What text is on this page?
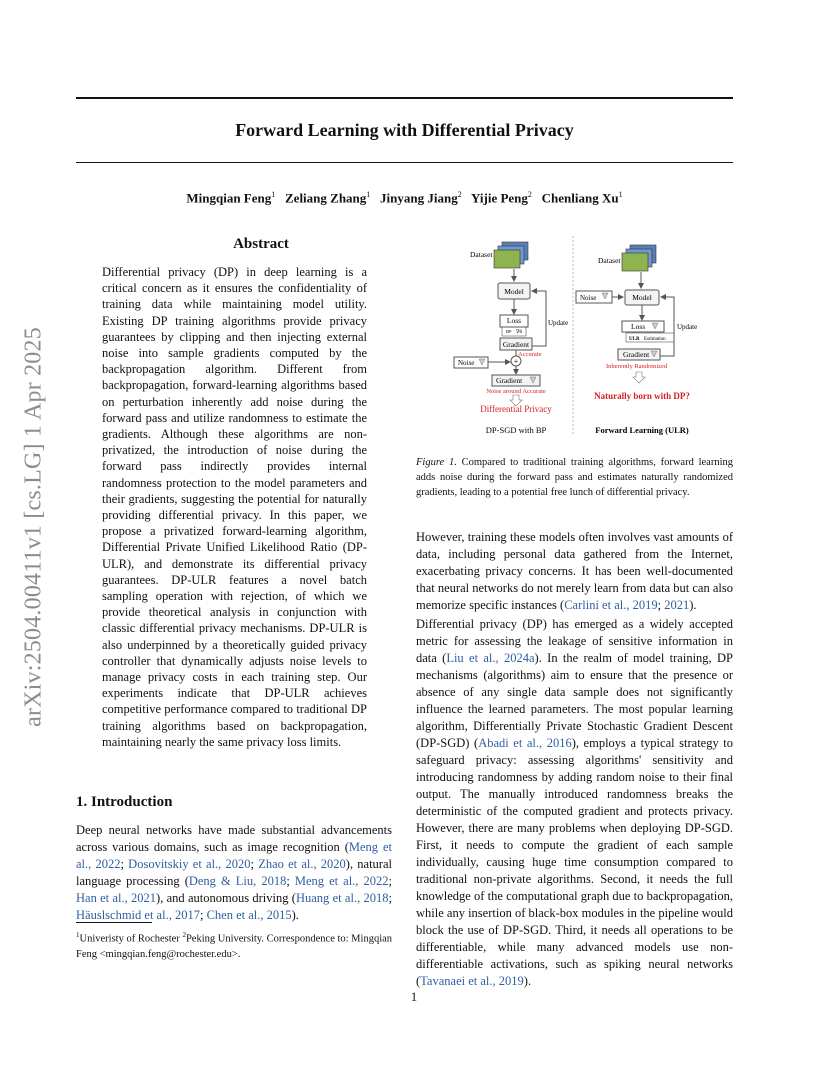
Forward Learning with Differential Privacy
Mingqian Feng$^1$ Zeliang Zhang$^1$ Jinyang Jiang$^2$ Yijie Peng$^2$ Chenliang Xu$^1$
arXiv:2504.00411v1 [cs.LG] 1 Apr 2025
Abstract
Differential privacy (DP) in deep learning is a critical concern as it ensures the confidentiality of training data while maintaining model utility. Existing DP training algorithms provide privacy guarantees by clipping and then injecting external noise into sample gradients computed by the backpropagation algorithm. Different from backpropagation, forward-learning algorithms based on perturbation inherently add noise during the forward pass and utilize randomness to estimate the gradients. Although these algorithms are non-privatized, the introduction of noise during the forward pass indirectly provides internal randomness protection to the model parameters and their gradients, suggesting the potential for naturally providing differential privacy. In this paper, we propose a privatized forward-learning algorithm, Differential Private Unified Likelihood Ratio (DP-ULR), and demonstrate its differential privacy guarantees. DP-ULR features a novel batch sampling operation with rejection, of which we provide theoretical analysis in conjunction with classic differential privacy mechanisms. DP-ULR is also underpinned by a theoretically guided privacy controller that dynamically adjusts noise levels to manage privacy costs in each training step. Our experiments indicate that DP-ULR achieves competitive performance compared to traditional DP training algorithms based on backpropagation, maintaining nearly the same privacy loss limits.
1. Introduction
Deep neural networks have made substantial advancements across various domains, such as image recognition (Meng et al., 2022; Dosovitskiy et al., 2020; Zhao et al., 2020), natural language processing (Deng & Liu, 2018; Meng et al., 2022; Han et al., 2021), and autonomous driving (Huang et al., 2018; Häuslschmid et al., 2017; Chen et al., 2015).
$^1$Univeristy of Rochester $^2$Peking University. Correspondence to: Mingqian Feng <mingqian.feng@rochester.edu>.
Dataset
Model
Loss
BP ∇θ
Gradient
Update
+
Accurate
Noise
Gradient
Noise around Accurate
Differential Privacy
DP-SGD with BP
Dataset
Noise	Model
Loss
ULR Estimation
Gradient
Update
Inherently Randomized
Naturally born with DP?
Forward Learning (ULR)
Figure 1. Compared to traditional training algorithms, forward learning adds noise during the forward pass and estimates naturally randomized gradients, leading to a potential free lunch of differential privacy.
However, training these models often involves vast amounts of data, including personal data gathered from the Internet, exacerbating privacy concerns. It has been well-documented that neural networks do not merely learn from data but can also memorize specific instances (Carlini et al., 2019; 2021).
Differential privacy (DP) has emerged as a widely accepted metric for assessing the leakage of sensitive information in data (Liu et al., 2024a). In the realm of model training, DP mechanisms (algorithms) aim to ensure that the presence or absence of any single data sample does not significantly influence the learned parameters. The most popular learning algorithm, Differentially Private Stochastic Gradient Descent (DP-SGD) (Abadi et al., 2016), employs a typical strategy to safeguard privacy: assessing algorithms' sensitivity and introducing randomness by adding random noise to their final output. The manually introduced randomness breaks the deterministic of the computed gradient and protects privacy. However, there are many problems when deploying DP-SGD. First, it needs to compute the gradient of each sample individually, causing huge time consumption compared to traditional non-private algorithms. Second, it needs the full knowledge of the computational graph due to backpropagation, while any insertion of black-box modules in the pipeline would block the use of DP-SGD. Third, it needs all operations to be differentiable, while many advanced models use non-differentiable activations, such as spiking neural networks (Tavanaei et al., 2019).
1
